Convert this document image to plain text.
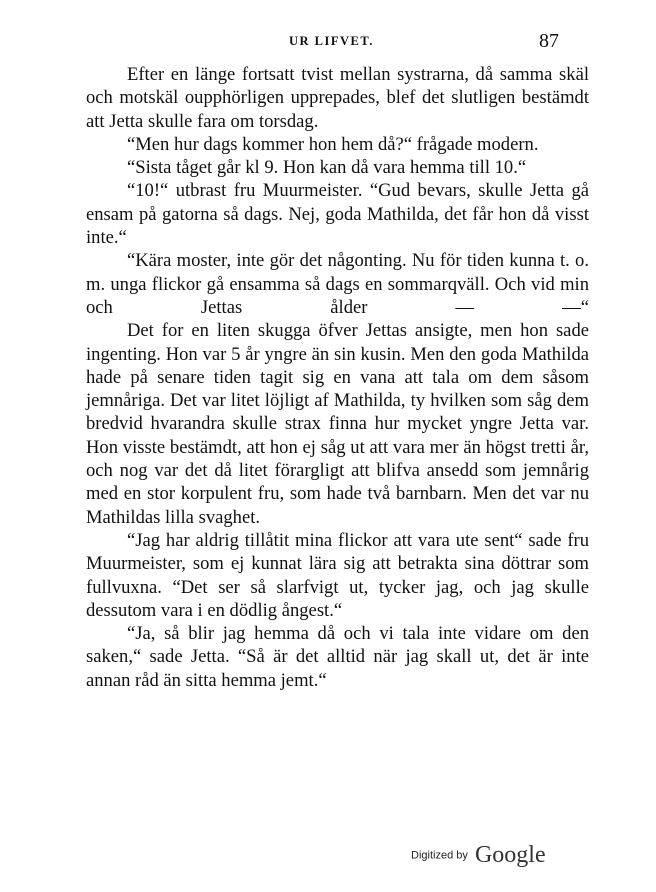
UR LIFVET.	87

Efter en länge fortsatt tvist mellan systrarna, då samma skäl och motskäl oupphörligen upprepades, blef det slutligen bestämdt att Jetta skulle fara om torsdag.

“Men hur dags kommer hon hem då?“ frågade modern.

“Sista tåget går kl 9. Hon kan då vara hemma till 10.“

“10!“ utbrast fru Muurmeister. “Gud bevars, skulle Jetta gå ensam på gatorna så dags. Nej, goda Mathilda, det får hon då visst inte.“

“Kära moster, inte gör det någonting. Nu för tiden kunna t. o. m. unga flickor gå ensamma så dags en sommarqväll. Och vid min och Jettas ålder — —“

Det for en liten skugga öfver Jettas ansigte, men hon sade ingenting. Hon var 5 år yngre än sin kusin. Men den goda Mathilda hade på senare tiden tagit sig en vana att tala om dem såsom jemnåriga. Det var litet löjligt af Mathilda, ty hvilken som såg dem bredvid hvarandra skulle strax finna hur mycket yngre Jetta var. Hon visste bestämdt, att hon ej såg ut att vara mer än högst tretti år, och nog var det då litet förargligt att blifva ansedd som jemnårig med en stor korpulent fru, som hade två barnbarn. Men det var nu Mathildas lilla svaghet.

“Jag har aldrig tillåtit mina flickor att vara ute sent“ sade fru Muurmeister, som ej kunnat lära sig att betrakta sina döttrar som fullvuxna. “Det ser så slarfvigt ut, tycker jag, och jag skulle dessutom vara i en dödlig ångest.“

“Ja, så blir jag hemma då och vi tala inte vidare om den saken,“ sade Jetta. “Så är det alltid när jag skall ut, det är inte annan råd än sitta hemma jemt.“

Digitized by Google
